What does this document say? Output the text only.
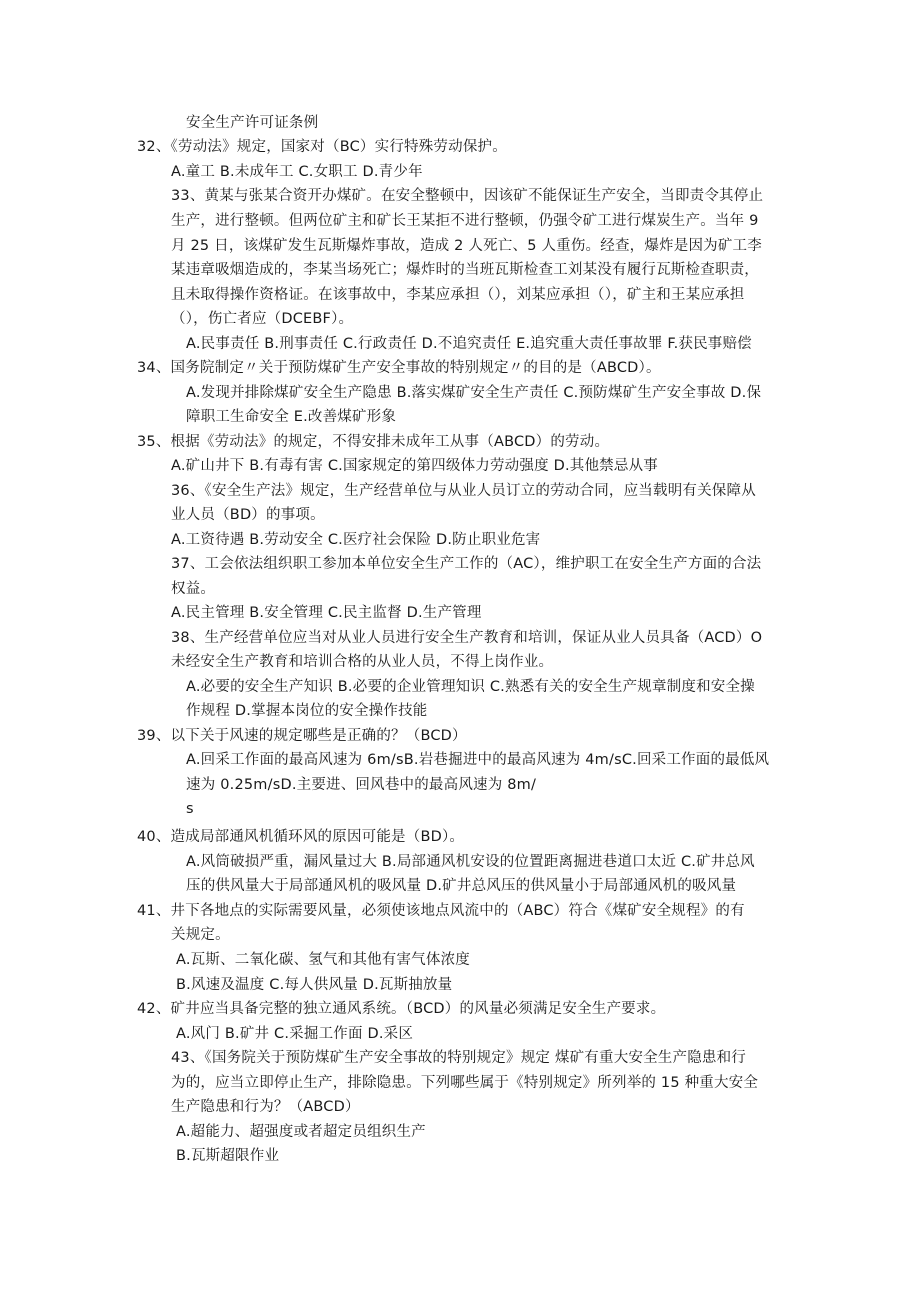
安全生产许可证条例
32、《劳动法》规定，国家对（BC）实行特殊劳动保护。
A.童工 B.未成年工 C.女职工 D.青少年
33、黄某与张某合资开办煤矿。在安全整顿中，因该矿不能保证生产安全，当即责令其停止
生产，进行整顿。但两位矿主和矿长王某拒不进行整顿，仍强令矿工进行煤炭生产。当年 9
月 25 日，该煤矿发生瓦斯爆炸事故，造成 2 人死亡、5 人重伤。经查，爆炸是因为矿工李
某违章吸烟造成的，李某当场死亡；爆炸时的当班瓦斯检查工刘某没有履行瓦斯检查职责，
且未取得操作资格证。在该事故中，李某应承担（），刘某应承担（），矿主和王某应承担
（），伤亡者应（DCEBF）。
A.民事责任 B.刑事责任 C.行政责任 D.不追究责任 E.追究重大责任事故罪 F.获民事赔偿
34、国务院制定〃关于预防煤矿生产安全事故的特别规定〃的目的是（ABCD）。
A.发现并排除煤矿安全生产隐患 B.落实煤矿安全生产责任 C.预防煤矿生产安全事故 D.保
障职工生命安全 E.改善煤矿形象
35、根据《劳动法》的规定，不得安排未成年工从事（ABCD）的劳动。
A.矿山井下 B.有毒有害 C.国家规定的第四级体力劳动强度 D.其他禁忌从事
36、《安全生产法》规定，生产经营单位与从业人员订立的劳动合同，应当载明有关保障从
业人员（BD）的事项。
A.工资待遇 B.劳动安全 C.医疗社会保险 D.防止职业危害
37、工会依法组织职工参加本单位安全生产工作的（AC），维护职工在安全生产方面的合法
权益。
A.民主管理 B.安全管理 C.民主监督 D.生产管理
38、生产经营单位应当对从业人员进行安全生产教育和培训，保证从业人员具备（ACD）O
未经安全生产教育和培训合格的从业人员，不得上岗作业。
A.必要的安全生产知识 B.必要的企业管理知识 C.熟悉有关的安全生产规章制度和安全操
作规程 D.掌握本岗位的安全操作技能
39、以下关于风速的规定哪些是正确的？（BCD）
A.回采工作面的最高风速为 6m/sB.岩巷掘进中的最高风速为 4m/sC.回采工作面的最低风
速为 0.25m/sD.主要进、回风巷中的最高风速为 8m/
s
40、造成局部通风机循环风的原因可能是（BD）。
A.风筒破损严重，漏风量过大 B.局部通风机安设的位置距离掘进巷道口太近 C.矿井总风
压的供风量大于局部通风机的吸风量 D.矿井总风压的供风量小于局部通风机的吸风量
41、井下各地点的实际需要风量，必须使该地点风流中的（ABC）符合《煤矿安全规程》的有
关规定。
A.瓦斯、二氧化碳、氢气和其他有害气体浓度
B.风速及温度 C.每人供风量 D.瓦斯抽放量
42、矿井应当具备完整的独立通风系统。（BCD）的风量必须满足安全生产要求。
A.风门 B.矿井 C.采掘工作面 D.采区
43、《国务院关于预防煤矿生产安全事故的特别规定》规定 煤矿有重大安全生产隐患和行
为的，应当立即停止生产，排除隐患。下列哪些属于《特别规定》所列举的 15 种重大安全
生产隐患和行为？（ABCD）
A.超能力、超强度或者超定员组织生产
B.瓦斯超限作业
